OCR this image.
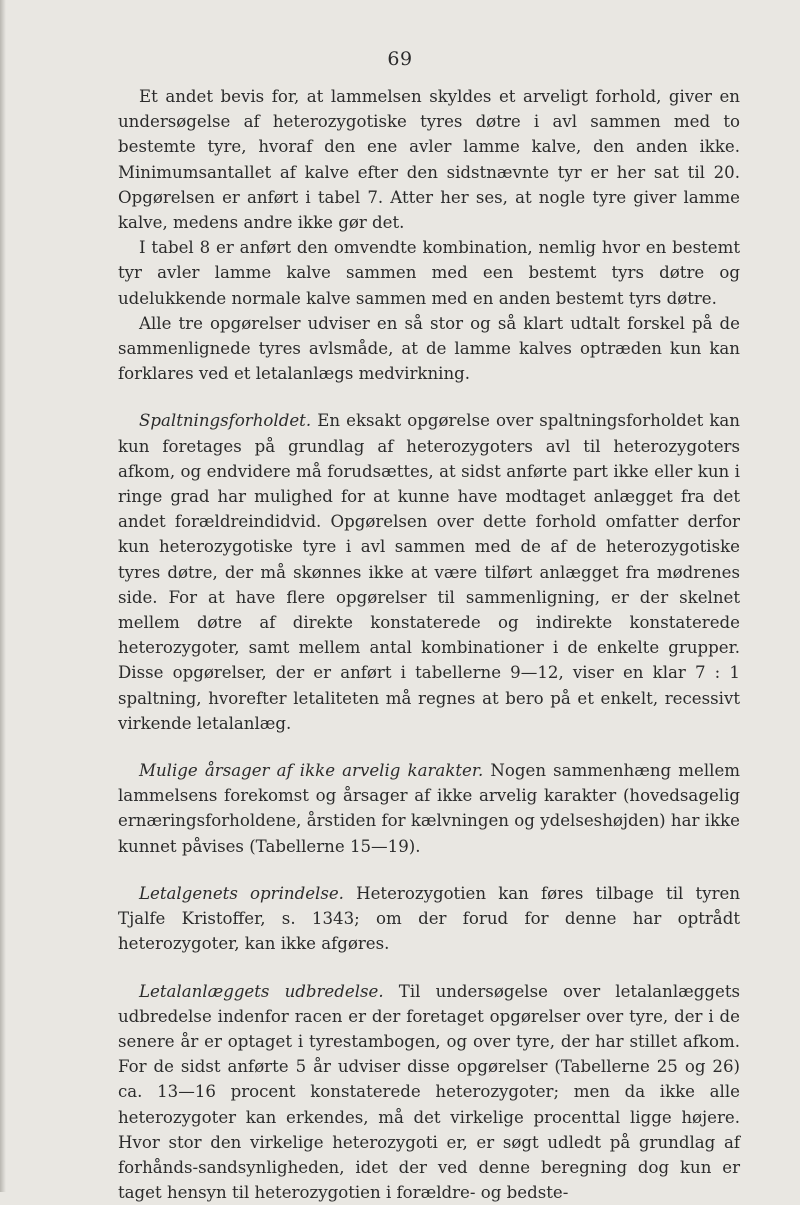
69

Et andet bevis for, at lammelsen skyldes et arveligt forhold, giver en undersøgelse af heterozygotiske tyres døtre i avl sammen med to bestemte tyre, hvoraf den ene avler lamme kalve, den anden ikke. Minimumsantallet af kalve efter den sidstnævnte tyr er her sat til 20. Opgørelsen er anført i tabel 7. Atter her ses, at nogle tyre giver lamme kalve, medens andre ikke gør det.

I tabel 8 er anført den omvendte kombination, nemlig hvor en bestemt tyr avler lamme kalve sammen med een bestemt tyrs døtre og udelukkende normale kalve sammen med en anden bestemt tyrs døtre.

Alle tre opgørelser udviser en så stor og så klart udtalt forskel på de sammenlignede tyres avlsmåde, at de lamme kalves optræden kun kan forklares ved et letalanlægs medvirkning.

Spaltningsforholdet. En eksakt opgørelse over spaltningsforholdet kan kun foretages på grundlag af heterozygoters avl til heterozygoters afkom, og endvidere må forudsættes, at sidst anførte part ikke eller kun i ringe grad har mulighed for at kunne have modtaget anlægget fra det andet forældreindidvid. Opgørelsen over dette forhold omfatter derfor kun heterozygotiske tyre i avl sammen med de af de heterozygotiske tyres døtre, der må skønnes ikke at være tilført anlægget fra mødrenes side. For at have flere opgørelser til sammenligning, er der skelnet mellem døtre af direkte konstaterede og indirekte konstaterede heterozygoter, samt mellem antal kombinationer i de enkelte grupper. Disse opgørelser, der er anført i tabellerne 9—12, viser en klar 7 : 1 spaltning, hvorefter letaliteten må regnes at bero på et enkelt, recessivt virkende letalanlæg.

Mulige årsager af ikke arvelig karakter. Nogen sammenhæng mellem lammelsens forekomst og årsager af ikke arvelig karakter (hovedsagelig ernæringsforholdene, årstiden for kælvningen og ydelseshøjden) har ikke kunnet påvises (Tabellerne 15—19).

Letalgenets oprindelse. Heterozygotien kan føres tilbage til tyren Tjalfe Kristoffer, s. 1343; om der forud for denne har optrådt heterozygoter, kan ikke afgøres.

Letalanlæggets udbredelse. Til undersøgelse over letalanlæggets udbredelse indenfor racen er der foretaget opgørelser over tyre, der i de senere år er optaget i tyrestambogen, og over tyre, der har stillet afkom. For de sidst anførte 5 år udviser disse opgørelser (Tabellerne 25 og 26) ca. 13—16 procent konstaterede heterozygoter; men da ikke alle heterozygoter kan erkendes, må det virkelige procenttal ligge højere. Hvor stor den virkelige heterozygoti er, er søgt udledt på grundlag af forhånds-sandsynligheden, idet der ved denne beregning dog kun er taget hensyn til heterozygotien i forældre- og bedste-
